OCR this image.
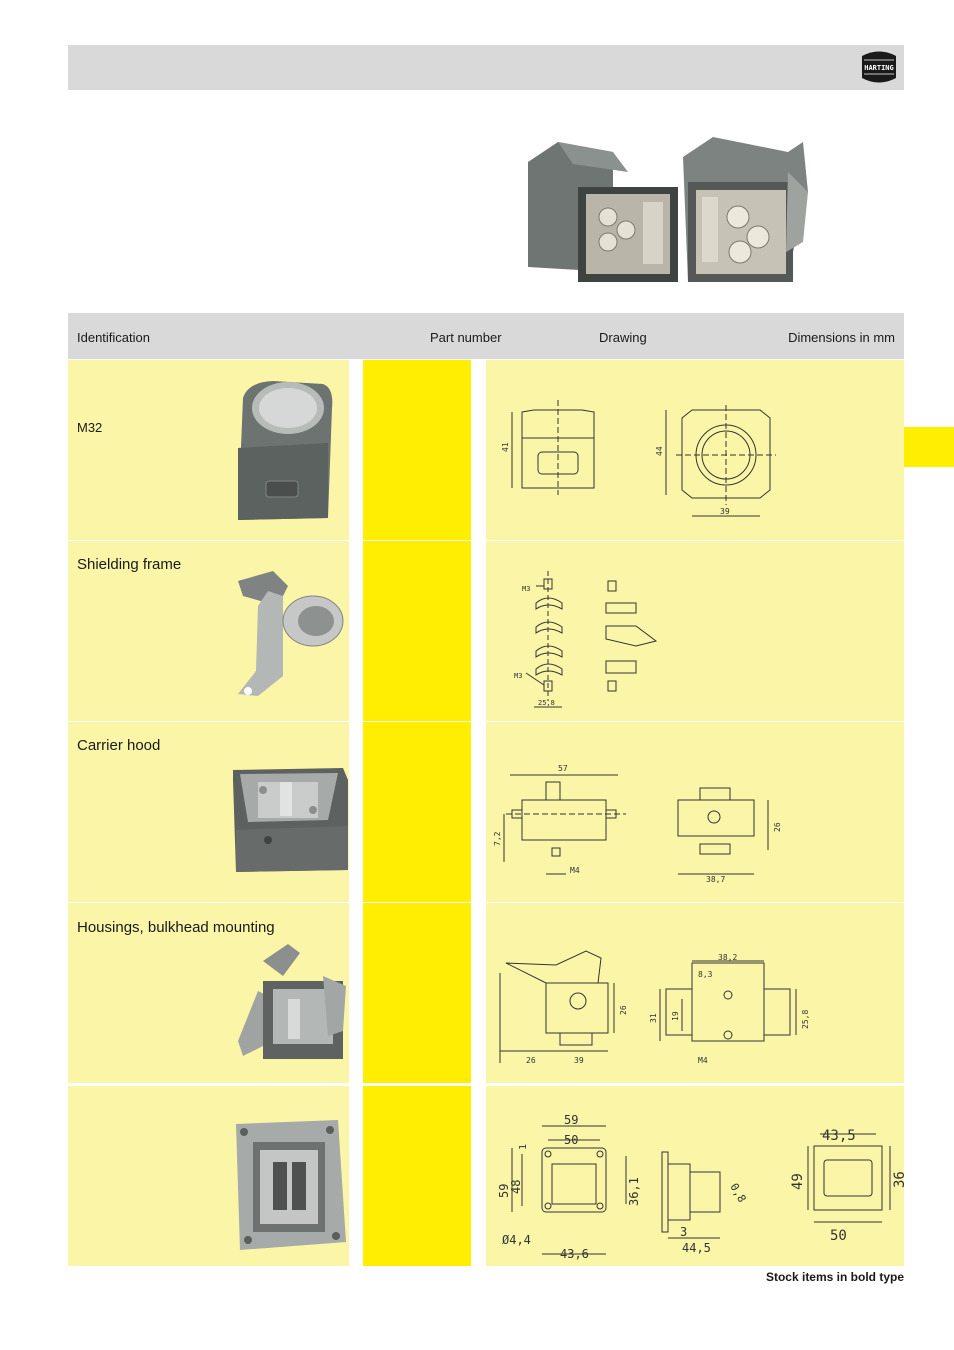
HARTING
Identification	Part number	Drawing	Dimensions in mm
M32
41	44
39
Shielding frame
M3
M3
25,8
Carrier hood
57
7,2
M4
26
38,7
Housings, bulkhead mounting
26	39
26
38,2
8,3
31 19	25,8
M4
59
50
59
48	36,1
1
Ø4,4
43,6
0,8
3
44,5
43,5
49	36
50
Stock items in bold type
